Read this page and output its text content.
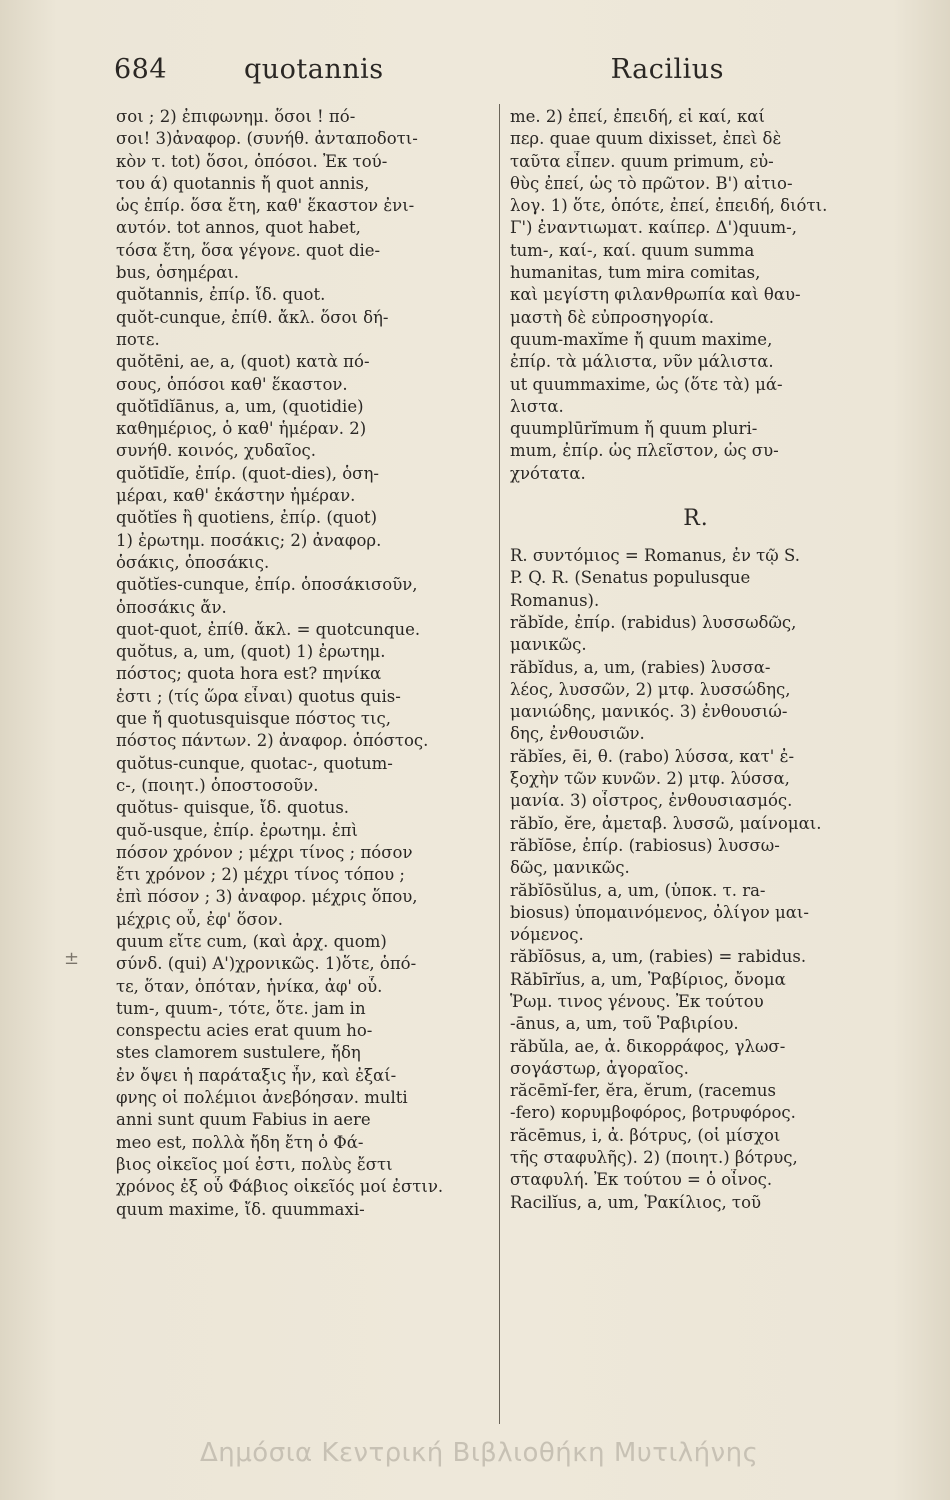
684	quotannis	Racilius
σοι ; 2) ἐπιφωνημ. ὅσοι ! πό-
σοι! 3)ἀναφορ. (συνήθ. ἀνταποδοτι-
κὸν τ. tot) ὅσοι, ὁπόσοι. Ἐκ τού-
του ά) quotannis ἤ quot annis,
ὡς ἐπίρ. ὅσα ἔτη, καθ' ἕκαστον ἐνι-
αυτόν. tot annos, quot habet,
τόσα ἔτη, ὅσα γέγονε. quot die-
bus, ὁσημέραι.
quŏtannis, ἐπίρ. ἴδ. quot.
quŏt-cunque, ἐπίθ. ἄκλ. ὅσοι δή-
ποτε.
quŏtēni, ae, a, (quot) κατὰ πό-
σους, ὁπόσοι καθ' ἕκαστον.
quŏtīdĭānus, a, um, (quotidie)
καθημέριος, ὁ καθ' ἡμέραν. 2)
συνήθ. κοινός, χυδαῖος.
quŏtīdĭe, ἐπίρ. (quot-dies), ὁση-
μέραι, καθ' ἑκάστην ἡμέραν.
quŏtĭes ἢ quotiens, ἐπίρ. (quot)
1) ἐρωτημ. ποσάκις; 2) ἀναφορ.
ὁσάκις, ὁποσάκις.
quŏtĭes-cunque, ἐπίρ. ὁποσάκισοῦν,
ὁποσάκις ἄν.
quot-quot, ἐπίθ. ἄκλ. = quotcunque.
quŏtus, a, um, (quot) 1) ἐρωτημ.
πόστος; quota hora est? πηνίκα
ἐστι ; (τίς ὥρα εἶναι) quotus quis-
que ἤ quotusquisque πόστος τις,
πόστος πάντων. 2) ἀναφορ. ὁπόστος.
quŏtus-cunque, quotac-, quotum-
c-, (ποιητ.) ὁποστοσοῦν.
quŏtus- quisque, ἴδ. quotus.
quŏ-usque, ἐπίρ. ἐρωτημ. ἐπὶ
πόσον χρόνον ; μέχρι τίνος ; πόσον
ἔτι χρόνον ; 2) μέχρι τίνος τόπου ;
ἐπὶ πόσον ; 3) ἀναφορ. μέχρις ὅπου,
μέχρις οὗ, ἐφ' ὅσον.
quum εἴτε cum, (καὶ ἀρχ. quom)
σύνδ. (qui) Α')χρονικῶς. 1)ὅτε, ὁπό-
τε, ὅταν, ὁπόταν, ἡνίκα, ἀφ' οὗ.
tum-, quum-, τότε, ὅτε. jam in
conspectu acies erat quum ho-
stes clamorem sustulere, ἤδη
ἐν ὄψει ἡ παράταξις ἦν, καὶ ἐξαί-
φνης οἱ πολέμιοι ἀνεβόησαν. multi
anni sunt quum Fabius in aere
meo est, πολλὰ ἤδη ἔτη ὁ Φά-
βιος οἰκεῖος μοί ἐστι, πολὺς ἔστι
χρόνος ἐξ οὗ Φάβιος οἰκεῖός μοί ἐστιν.
quum maxime, ἴδ. quummaxi-
me. 2) ἐπεί, ἐπειδή, εἰ καί, καί
περ. quae quum dixisset, ἐπεὶ δὲ
ταῦτα εἶπεν. quum primum, εὐ-
θὺς ἐπεί, ὡς τὸ πρῶτον. Β') αἰτιο-
λογ. 1) ὅτε, ὁπότε, ἐπεί, ἐπειδή, διότι.
Γ') ἐναντιωματ. καίπερ. Δ')quum-,
tum-, καί-, καί. quum summa
humanitas, tum mira comitas,
καὶ μεγίστη φιλανθρωπία καὶ θαυ-
μαστὴ δὲ εὐπροσηγορία.
quum-maxĭme ἤ quum maxime,
ἐπίρ. τὰ μάλιστα, νῦν μάλιστα.
ut quummaxime, ὡς (ὅτε τὰ) μά-
λιστα.
quumplūrĭmum ἤ quum pluri-
mum, ἐπίρ. ὡς πλεῖστον, ὡς συ-
χνότατα.
R.
R. συντόμιος = Romanus, ἐν τῷ S.
P. Q. R. (Senatus populusque
Romanus).
răbĭde, ἐπίρ. (rabidus) λυσσωδῶς,
μανικῶς.
răbĭdus, a, um, (rabies) λυσσα-
λέος, λυσσῶν, 2) μτφ. λυσσώδης,
μανιώδης, μανικός. 3) ἐνθουσιώ-
δης, ἐνθουσιῶν.
răbĭes, ēi, θ. (rabo) λύσσα, κατ' ἐ-
ξοχὴν τῶν κυνῶν. 2) μτφ. λύσσα,
μανία. 3) οἶστρος, ἐνθουσιασμός.
răbĭo, ĕre, ἀμεταβ. λυσσῶ, μαίνομαι.
răbĭōse, ἐπίρ. (rabiosus) λυσσω-
δῶς, μανικῶς.
răbĭōsŭlus, a, um, (ὑποκ. τ. ra-
biosus) ὑπομαινόμενος, ὀλίγον μαι-
νόμενος.
răbĭōsus, a, um, (rabies) = rabidus.
Răbīrĭus, a, um, Ῥαβίριος, ὄνομα
Ῥωμ. τινος γένους. Ἐκ τούτου
-ānus, a, um, τοῦ Ῥαβιρίου.
răbŭla, ae, ἀ. δικορράφος, γλωσ-
σογάστωρ, ἀγοραῖος.
răcēmĭ-fer, ĕra, ĕrum, (racemus
-fero) κορυμβοφόρος, βοτρυφόρος.
răcēmus, i, ἀ. βότρυς, (οἱ μίσχοι
τῆς σταφυλῆς). 2) (ποιητ.) βότρυς,
σταφυλή. Ἐκ τούτου = ὁ οἶνος.
Racilĭus, a, um, Ῥακίλιος, τοῦ
±
Δημόσια Κεντρική Βιβλιοθήκη Μυτιλήνης
